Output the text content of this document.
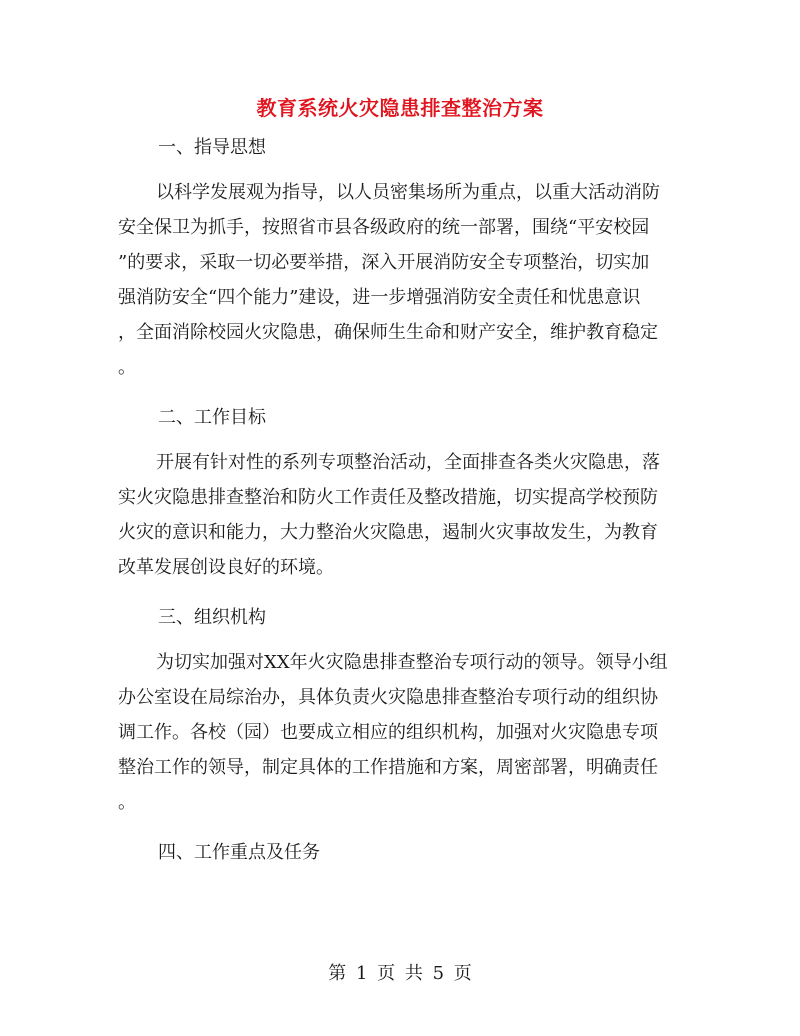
教育系统火灾隐患排查整治方案

一、指导思想

以科学发展观为指导，以人员密集场所为重点，以重大活动消防
安全保卫为抓手，按照省市县各级政府的统一部署，围绕“平安校园
”的要求，采取一切必要举措，深入开展消防安全专项整治，切实加
强消防安全“四个能力”建设，进一步增强消防安全责任和忧患意识
，全面消除校园火灾隐患，确保师生生命和财产安全，维护教育稳定
。

二、工作目标

开展有针对性的系列专项整治活动，全面排查各类火灾隐患，落
实火灾隐患排查整治和防火工作责任及整改措施，切实提高学校预防
火灾的意识和能力，大力整治火灾隐患，遏制火灾事故发生，为教育
改革发展创设良好的环境。

三、组织机构

为切实加强对XX年火灾隐患排查整治专项行动的领导。领导小组
办公室设在局综治办，具体负责火灾隐患排查整治专项行动的组织协
调工作。各校（园）也要成立相应的组织机构，加强对火灾隐患专项
整治工作的领导，制定具体的工作措施和方案，周密部署，明确责任
。

四、工作重点及任务

第 1 页 共 5 页
